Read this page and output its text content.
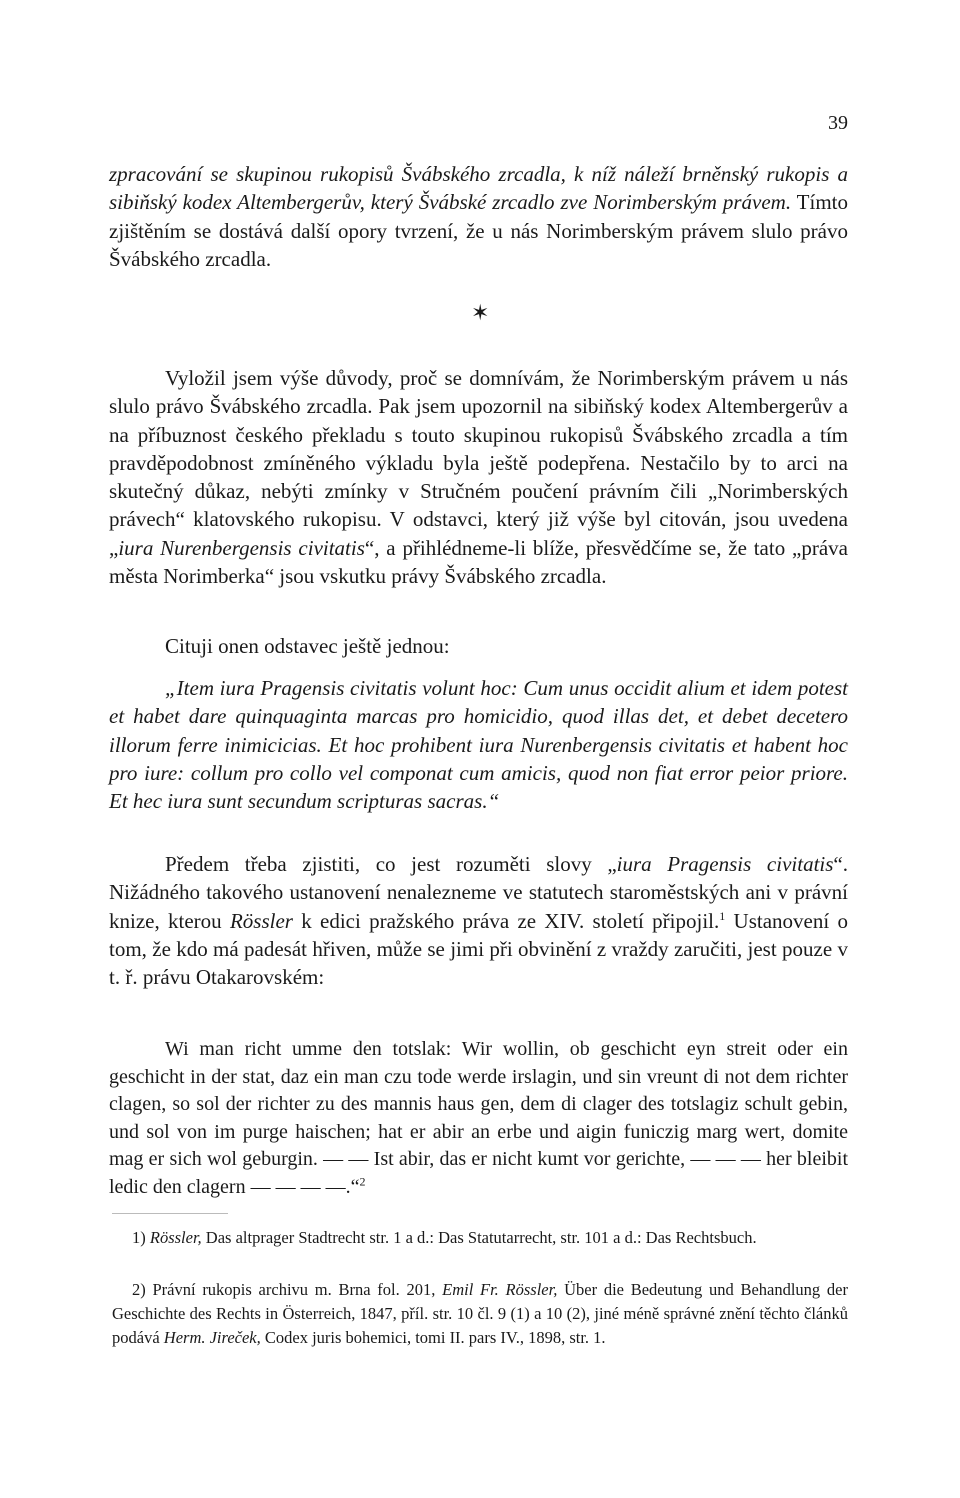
39

zpracování se skupinou rukopisů Švábského zrcadla, k níž náleží brněnský rukopis a sibiňský kodex Altembergerův, který Švábské zrcadlo zve Norimberským právem. Tímto zjištěním se dostává další opory tvrzení, že u nás Norimberským právem slulo právo Švábského zrcadla.

✶

Vyložil jsem výše důvody, proč se domnívám, že Norimberským právem u nás slulo právo Švábského zrcadla. Pak jsem upozornil na sibiňský kodex Altembergerův a na příbuznost českého překladu s touto skupinou rukopisů Švábského zrcadla a tím pravděpodobnost zmíněného výkladu byla ještě podepřena. Nestačilo by to arci na skutečný důkaz, nebýti zmínky v Stručném poučení právním čili „Norimberských právech“ klatovského rukopisu. V odstavci, který již výše byl citován, jsou uvedena „iura Nurenbergensis civitatis“, a přihlédneme-li blíže, přesvědčíme se, že tato „práva města Norimberka“ jsou vskutku právy Švábského zrcadla.

Cituji onen odstavec ještě jednou:

„Item iura Pragensis civitatis volunt hoc: Cum unus occidit alium et idem potest et habet dare quinquaginta marcas pro homicidio, quod illas det, et debet decetero illorum ferre inimicicias. Et hoc prohibent iura Nurenbergensis civitatis et habent hoc pro iure: collum pro collo vel componat cum amicis, quod non fiat error peior priore. Et hec iura sunt secundum scripturas sacras.“

Předem třeba zjistiti, co jest rozuměti slovy „iura Pragensis civitatis“. Nižádného takového ustanovení nenalezneme ve statutech staroměstských ani v právní knize, kterou Rössler k edici pražského práva ze XIV. století připojil.$^1$ Ustanovení o tom, že kdo má padesát hřiven, může se jimi při obvinění z vraždy zaručiti, jest pouze v t. ř. právu Otakarovském:

Wi man richt umme den totslak: Wir wollin, ob geschicht eyn streit oder ein geschicht in der stat, daz ein man czu tode werde irslagin, und sin vreunt di not dem richter clagen, so sol der richter zu des mannis haus gen, dem di clager des totslagiz schult gebin, und sol von im purge haischen; hat er abir an erbe und aigin funiczig marg wert, domite mag er sich wol geburgin. — — Ist abir, das er nicht kumt vor gerichte, — — — her bleibit ledic den clagern — — — —.“$^2$

1) Rössler, Das altprager Stadtrecht str. 1 a d.: Das Statutarrecht, str. 101 a d.: Das Rechtsbuch.

2) Právní rukopis archivu m. Brna fol. 201, Emil Fr. Rössler, Über die Bedeutung und Behandlung der Geschichte des Rechts in Österreich, 1847, příl. str. 10 čl. 9 (1) a 10 (2), jiné méně správné znění těchto článků podává Herm. Jireček, Codex juris bohemici, tomi II. pars IV., 1898, str. 1.
